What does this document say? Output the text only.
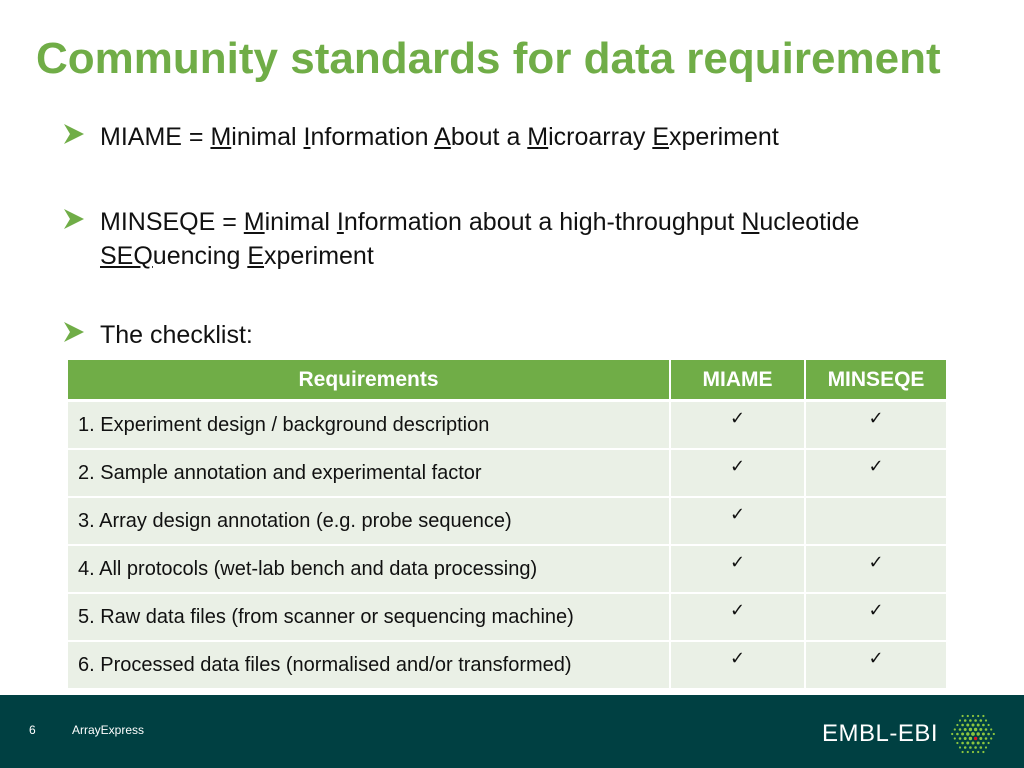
Community standards for data requirement
MIAME = Minimal Information About a Microarray Experiment
MINSEQE = Minimal Information about a high-throughput Nucleotide SEQuencing Experiment
The checklist:
Requirements	MIAME	MINSEQE
1. Experiment design / background description	✓	✓
2. Sample annotation and experimental factor	✓	✓
3. Array design annotation (e.g. probe sequence)	✓	
4. All protocols (wet-lab bench and data processing)	✓	✓
5. Raw data files (from scanner or sequencing machine)	✓	✓
6. Processed data files (normalised and/or transformed)	✓	✓
6	ArrayExpress	EMBL-EBI
